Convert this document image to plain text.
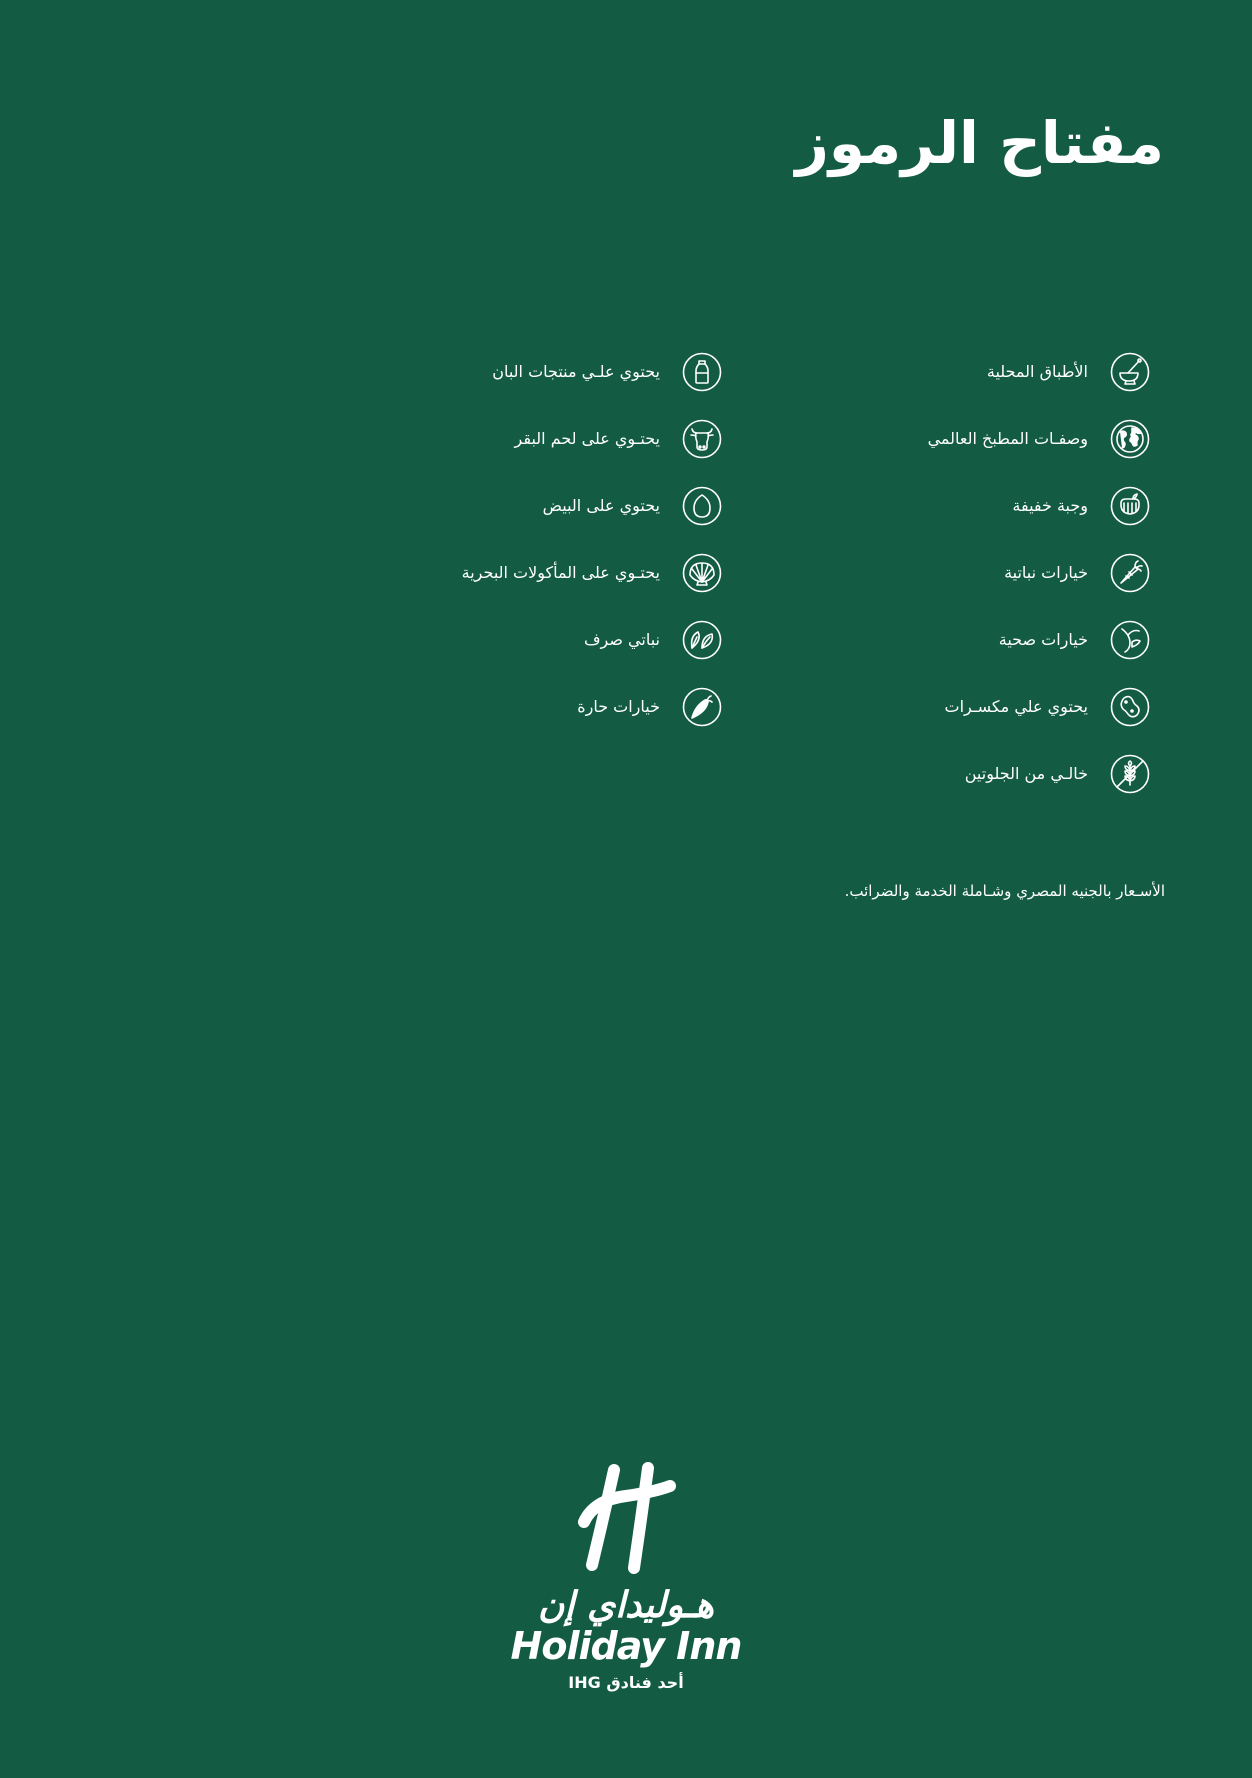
مفتاح الرموز
الأطباق المحلية
وصفـات المطبخ العالمي
وجبة خفيفة
خيارات نباتية
خيارات صحية
يحتوي علي مكسـرات
خالـي من الجلوتين
يحتوي علـي منتجات البان
يحتـوي على لحم البقر
يحتوي على البيض
يحتـوي على المأكولات البحرية
نباتي صرف
خيارات حارة

الأسـعار بالجنيه المصري وشـاملة الخدمة والضرائب.

هـوليداي إن
Holiday Inn
أحد فنادق IHG
